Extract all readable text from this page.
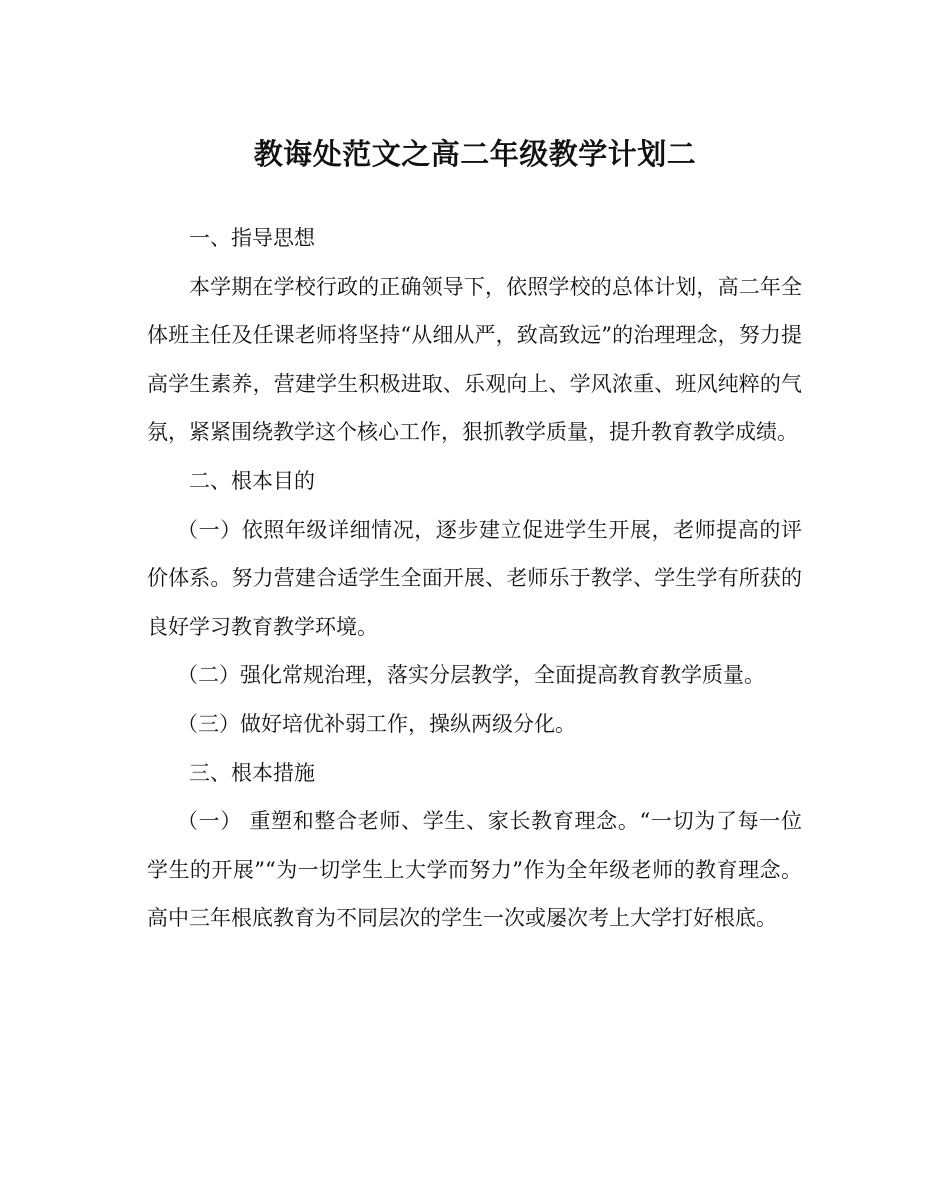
教诲处范文之高二年级教学计划二

一、指导思想

本学期在学校行政的正确领导下，依照学校的总体计划，高二年全体班主任及任课老师将坚持“从细从严，致高致远”的治理理念，努力提高学生素养，营建学生积极进取、乐观向上、学风浓重、班风纯粹的气氛，紧紧围绕教学这个核心工作，狠抓教学质量，提升教育教学成绩。

二、根本目的

（一）依照年级详细情况，逐步建立促进学生开展，老师提高的评价体系。努力营建合适学生全面开展、老师乐于教学、学生学有所获的良好学习教育教学环境。

（二）强化常规治理，落实分层教学，全面提高教育教学质量。

（三）做好培优补弱工作，操纵两级分化。

三、根本措施

（一） 重塑和整合老师、学生、家长教育理念。“一切为了每一位学生的开展”“为一切学生上大学而努力”作为全年级老师的教育理念。高中三年根底教育为不同层次的学生一次或屡次考上大学打好根底。
